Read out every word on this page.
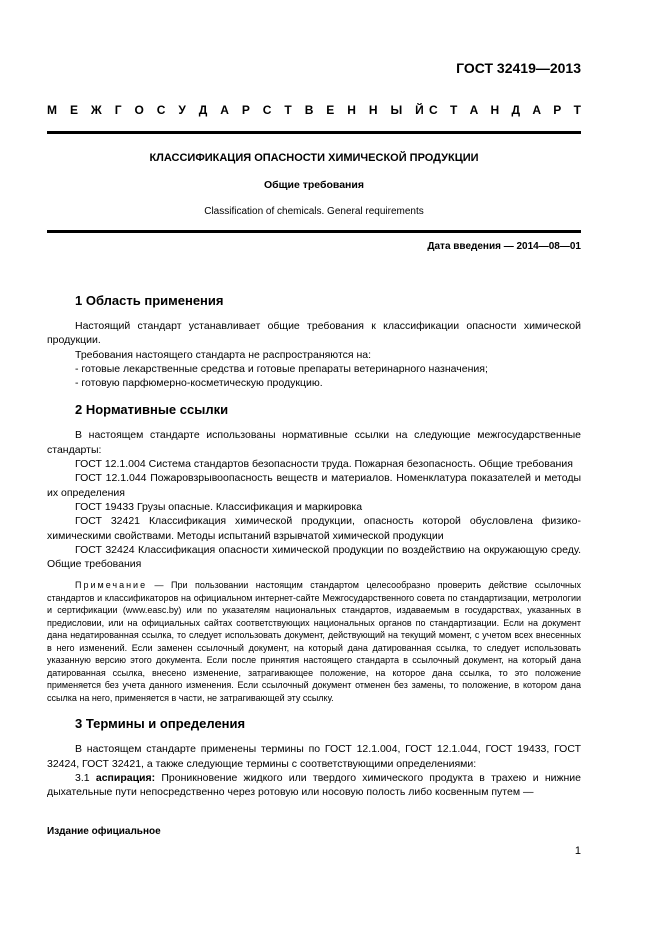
ГОСТ 32419—2013
М Е Ж Г О С У Д А Р С Т В Е Н Н Ы Й С Т А Н Д А Р Т
КЛАССИФИКАЦИЯ ОПАСНОСТИ ХИМИЧЕСКОЙ ПРОДУКЦИИ
Общие требования
Classification of chemicals. General requirements
Дата введения — 2014—08—01
1 Область применения

Настоящий стандарт устанавливает общие требования к классификации опасности химической продукции.

Требования настоящего стандарта не распространяются на:

- готовые лекарственные средства и готовые препараты ветеринарного назначения;

- готовую парфюмерно-косметическую продукцию.

2 Нормативные ссылки

В настоящем стандарте использованы нормативные ссылки на следующие межгосударственные стандарты:

ГОСТ 12.1.004 Система стандартов безопасности труда. Пожарная безопасность. Общие требования

ГОСТ 12.1.044 Пожаровзрывоопасность веществ и материалов. Номенклатура показателей и методы их определения

ГОСТ 19433 Грузы опасные. Классификация и маркировка

ГОСТ 32421 Классификация химической продукции, опасность которой обусловлена физико-химическими свойствами. Методы испытаний взрывчатой химической продукции

ГОСТ 32424 Классификация опасности химической продукции по воздействию на окружающую среду. Общие требования

Примечание — При пользовании настоящим стандартом целесообразно проверить действие ссылочных стандартов и классификаторов на официальном интернет-сайте Межгосударственного совета по стандартизации, метрологии и сертификации (www.easc.by) или по указателям национальных стандартов, издаваемым в государствах, указанных в предисловии, или на официальных сайтах соответствующих национальных органов по стандартизации. Если на документ дана недатированная ссылка, то следует использовать документ, действующий на текущий момент, с учетом всех внесенных в него изменений. Если заменен ссылочный документ, на который дана датированная ссылка, то следует использовать указанную версию этого документа. Если после принятия настоящего стандарта в ссылочный документ, на который дана датированная ссылка, внесено изменение, затрагивающее положение, на которое дана ссылка, то это положение применяется без учета данного изменения. Если ссылочный документ отменен без замены, то положение, в котором дана ссылка на него, применяется в части, не затрагивающей эту ссылку.

3 Термины и определения

В настоящем стандарте применены термины по ГОСТ 12.1.004, ГОСТ 12.1.044, ГОСТ 19433, ГОСТ 32424, ГОСТ 32421, а также следующие термины с соответствующими определениями:

3.1 аспирация: Проникновение жидкого или твердого химического продукта в трахею и нижние дыхательные пути непосредственно через ротовую или носовую полость либо косвенным путем —

Издание официальное
1
